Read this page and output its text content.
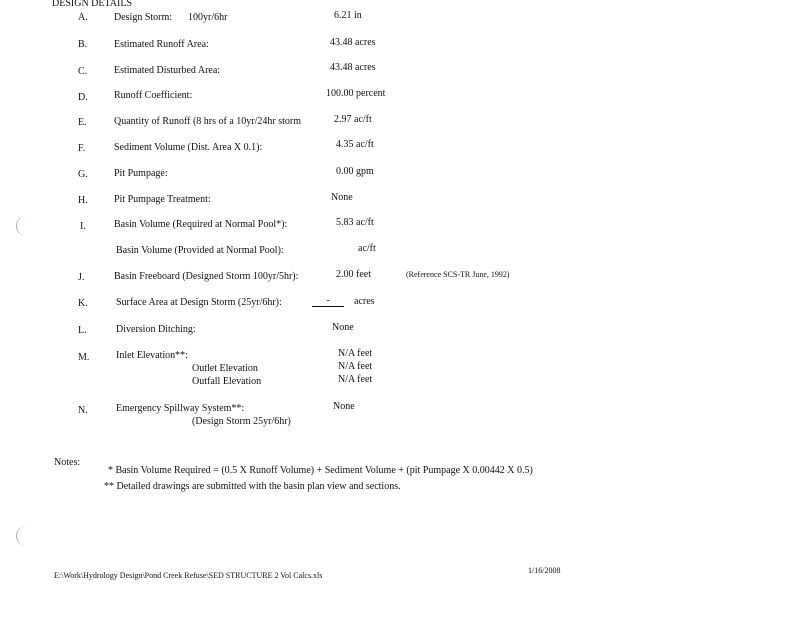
DESIGN DETAILS
A.	Design Storm: 100yr/6hr	6.21 in
B.	Estimated Runoff Area:	43.48 acres
C.	Estimated Disturbed Area:	43.48 acres
D.	Runoff Coefficient:	100.00 percent
E.	Quantity of Runoff (8 hrs of a 10yr/24hr storm	2.97 ac/ft
F.	Sediment Volume (Dist. Area X 0.1):	4.35 ac/ft
G.	Pit Pumpage:	0.00 gpm
H.	Pit Pumpage Treatment:	None
I.	Basin Volume (Required at Normal Pool*):	5.83 ac/ft
Basin Volume (Provided at Normal Pool):	ac/ft
J.	Basin Freeboard (Designed Storm 100yr/5hr):	2.00 feet	(Reference SCS-TR June, 1992)
K.	Surface Area at Design Storm (25yr/6hr):	-	acres
L.	Diversion Ditching:	None
M.	Inlet Elevation**:	N/A feet
Outlet Elevation	N/A feet
Outfall Elevation	N/A feet
N.	Emergency Spillway System**:	None
(Design Storm 25yr/6hr)
Notes:
* Basin Volume Required = (0.5 X Runoff Volume) + Sediment Volume + (pit Pumpage X 0.00442 X 0.5)
** Detailed drawings are submitted with the basin plan view and sections.
E:\Work\Hydrology Design\Pond Creek Refuse\SED STRUCTURE 2 Vol Calcs.xls
1/16/2008
